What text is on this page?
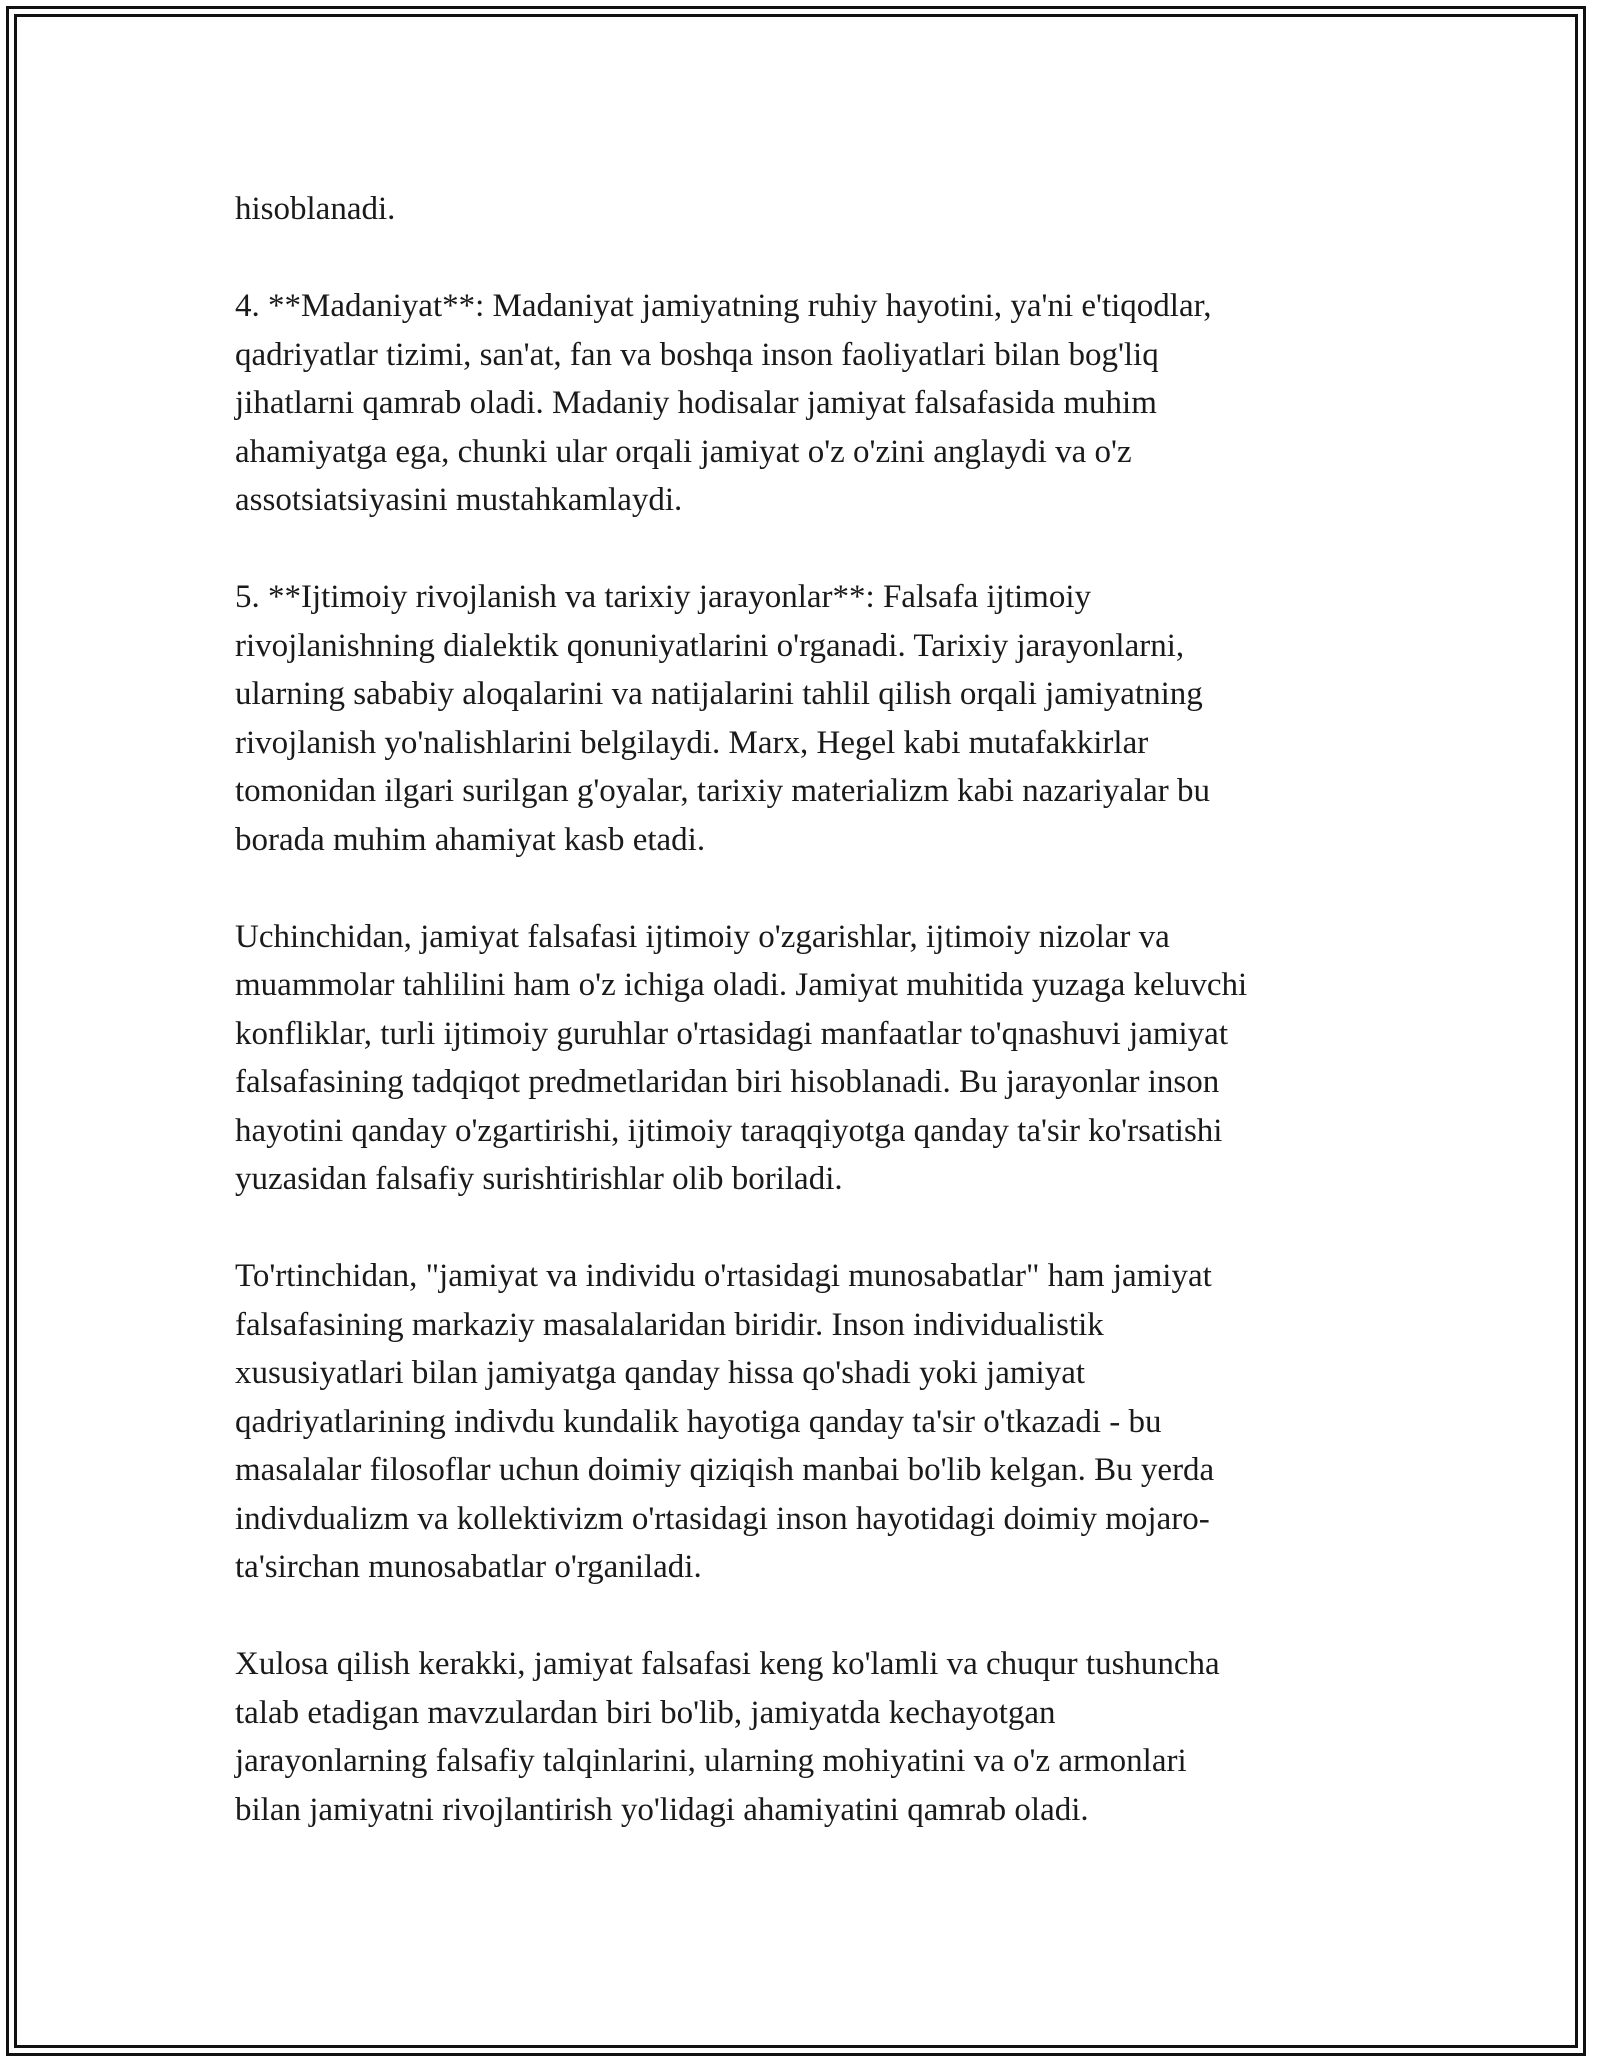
hisoblanadi.

4. **Madaniyat**: Madaniyat jamiyatning ruhiy hayotini, ya'ni e'tiqodlar,
qadriyatlar tizimi, san'at, fan va boshqa inson faoliyatlari bilan bog'liq
jihatlarni qamrab oladi. Madaniy hodisalar jamiyat falsafasida muhim
ahamiyatga ega, chunki ular orqali jamiyat o'z o'zini anglaydi va o'z
assotsiatsiyasini mustahkamlaydi.

5. **Ijtimoiy rivojlanish va tarixiy jarayonlar**: Falsafa ijtimoiy
rivojlanishning dialektik qonuniyatlarini o'rganadi. Tarixiy jarayonlarni,
ularning sababiy aloqalarini va natijalarini tahlil qilish orqali jamiyatning
rivojlanish yo'nalishlarini belgilaydi. Marx, Hegel kabi mutafakkirlar
tomonidan ilgari surilgan g'oyalar, tarixiy materializm kabi nazariyalar bu
borada muhim ahamiyat kasb etadi.

Uchinchidan, jamiyat falsafasi ijtimoiy o'zgarishlar, ijtimoiy nizolar va
muammolar tahlilini ham o'z ichiga oladi. Jamiyat muhitida yuzaga keluvchi
konfliklar, turli ijtimoiy guruhlar o'rtasidagi manfaatlar to'qnashuvi jamiyat
falsafasining tadqiqot predmetlaridan biri hisoblanadi. Bu jarayonlar inson
hayotini qanday o'zgartirishi, ijtimoiy taraqqiyotga qanday ta'sir ko'rsatishi
yuzasidan falsafiy surishtirishlar olib boriladi.

To'rtinchidan, "jamiyat va individu o'rtasidagi munosabatlar" ham jamiyat
falsafasining markaziy masalalaridan biridir. Inson individualistik
xususiyatlari bilan jamiyatga qanday hissa qo'shadi yoki jamiyat
qadriyatlarining indivdu kundalik hayotiga qanday ta'sir o'tkazadi - bu
masalalar filosoflar uchun doimiy qiziqish manbai bo'lib kelgan. Bu yerda
indivdualizm va kollektivizm o'rtasidagi inson hayotidagi doimiy mojaro-
ta'sirchan munosabatlar o'rganiladi.

Xulosa qilish kerakki, jamiyat falsafasi keng ko'lamli va chuqur tushuncha
talab etadigan mavzulardan biri bo'lib, jamiyatda kechayotgan
jarayonlarning falsafiy talqinlarini, ularning mohiyatini va o'z armonlari
bilan jamiyatni rivojlantirish yo'lidagi ahamiyatini qamrab oladi.
